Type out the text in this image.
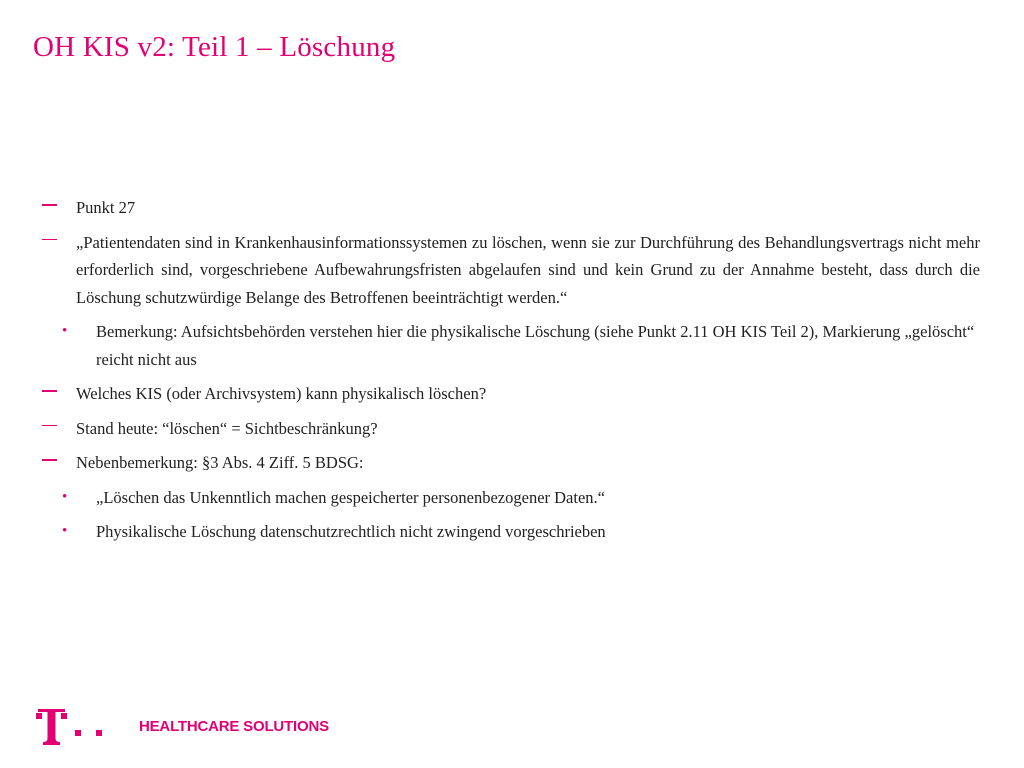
OH KIS v2: Teil 1 – Löschung
Punkt 27
„Patientendaten sind in Krankenhausinformationssystemen zu löschen, wenn sie zur Durchführung des Behandlungsvertrags nicht mehr erforderlich sind, vorgeschriebene Aufbewahrungsfristen abgelaufen sind und kein Grund zu der Annahme besteht, dass durch die Löschung schutzwürdige Belange des Betroffenen beeinträchtigt werden.“
• Bemerkung: Aufsichtsbehörden verstehen hier die physikalische Löschung (siehe Punkt 2.11 OH KIS Teil 2), Markierung „gelöscht“ reicht nicht aus
Welches KIS (oder Archivsystem) kann physikalisch löschen?
Stand heute: “löschen“ = Sichtbeschränkung?
Nebenbemerkung: §3 Abs. 4 Ziff. 5 BDSG:
• „Löschen das Unkenntlich machen gespeicherter personenbezogener Daten.“
• Physikalische Löschung datenschutzrechtlich nicht zwingend vorgeschrieben
HEALTHCARE SOLUTIONS
